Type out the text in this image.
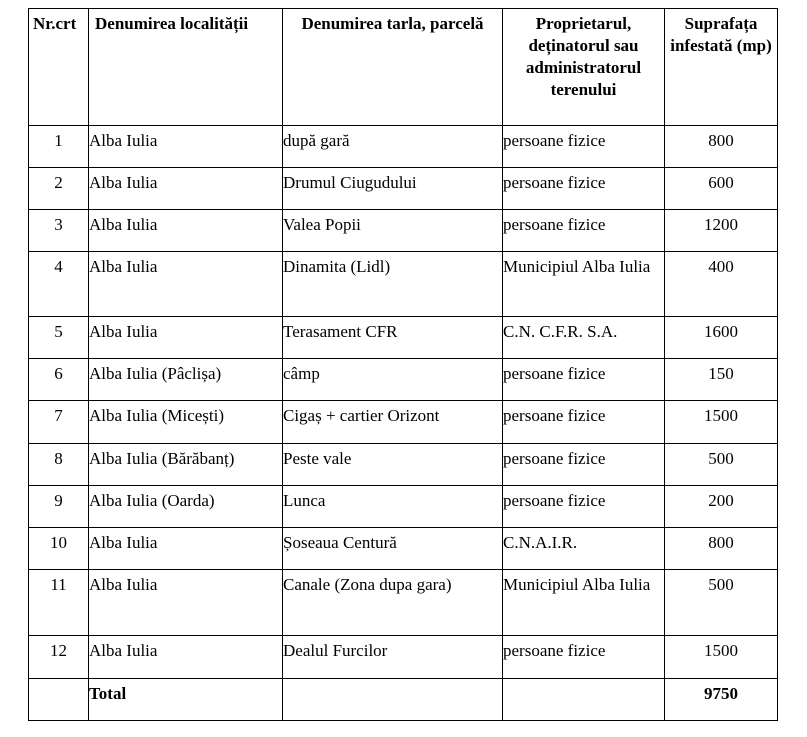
Nr.crt	Denumirea localității	Denumirea tarla, parcelă	Proprietarul, deținatorul sau administratorul terenului	Suprafața infestată (mp)
1	Alba Iulia	după gară	persoane fizice	800
2	Alba Iulia	Drumul Ciugudului	persoane fizice	600
3	Alba Iulia	Valea Popii	persoane fizice	1200
4	Alba Iulia	Dinamita (Lidl)	Municipiul Alba Iulia	400
5	Alba Iulia	Terasament CFR	C.N. C.F.R. S.A.	1600
6	Alba Iulia (Pâclișa)	câmp	persoane fizice	150
7	Alba Iulia (Micești)	Cigaș + cartier Orizont	persoane fizice	1500
8	Alba Iulia (Bărăbanț)	Peste vale	persoane fizice	500
9	Alba Iulia (Oarda)	Lunca	persoane fizice	200
10	Alba Iulia	Șoseaua Centură	C.N.A.I.R.	800
11	Alba Iulia	Canale (Zona dupa gara)	Municipiul Alba Iulia	500
12	Alba Iulia	Dealul Furcilor	persoane fizice	1500
	Total			9750
